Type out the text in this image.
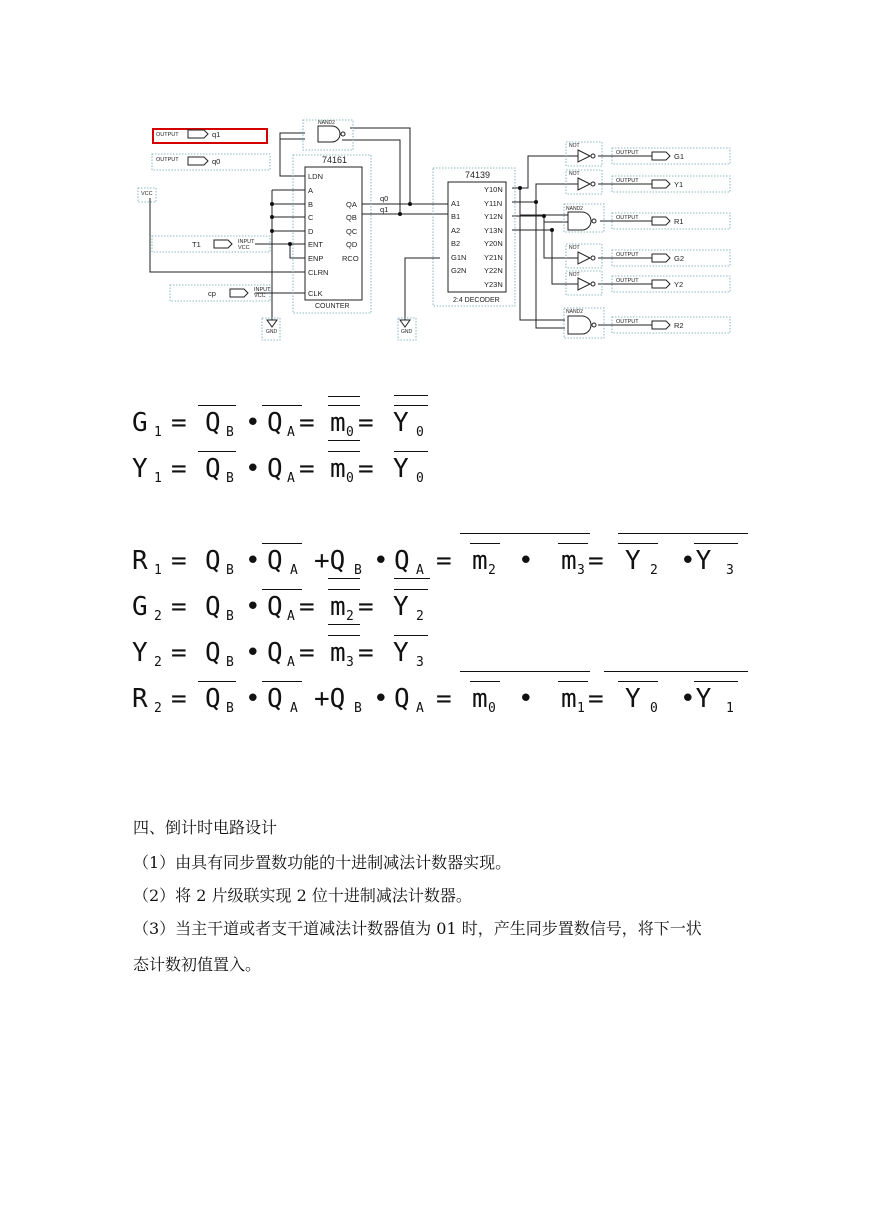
OUTPUT	q1
OUTPUT	q0
VCC
T1	INPUT
VCC
cp	INPUT
VCC
GND	GND
NAND2
NAND2
NAND2
NOT
NOT
NOT
NOT
74161
COUNTER
LDN
A
B
C
D
ENT
ENP
CLRN
CLK
QA
QB
QC
QD
RCO
q0
q1
74139
2:4 DECODER
A1
B1
A2
B2
G1N
G2N
Y10N
Y11N
Y12N
Y13N
Y20N
Y21N
Y22N
Y23N
OUTPUT	G1
OUTPUT	Y1
OUTPUT	R1
OUTPUT	G2
OUTPUT	Y2
OUTPUT	R2
G 1 = Q B • Q A = m 0 = Y 0
Y 1 = Q B • Q A = m 0 = Y 0
R 1 = Q B • Q A +Q B • Q A = m 2 • m 3 = Y 2 •Y 3
G 2 = Q B • Q A = m 2 = Y 2
Y 2 = Q B • Q A = m 3 = Y 3
R 2 = Q B • Q A +Q B • Q A = m 0 • m 1 = Y 0 •Y 1
四、倒计时电路设计
（1）由具有同步置数功能的十进制减法计数器实现。
（2）将 2 片级联实现 2 位十进制减法计数器。
（3）当主干道或者支干道减法计数器值为 01 时，产生同步置数信号，将下一状
态计数初值置入。
